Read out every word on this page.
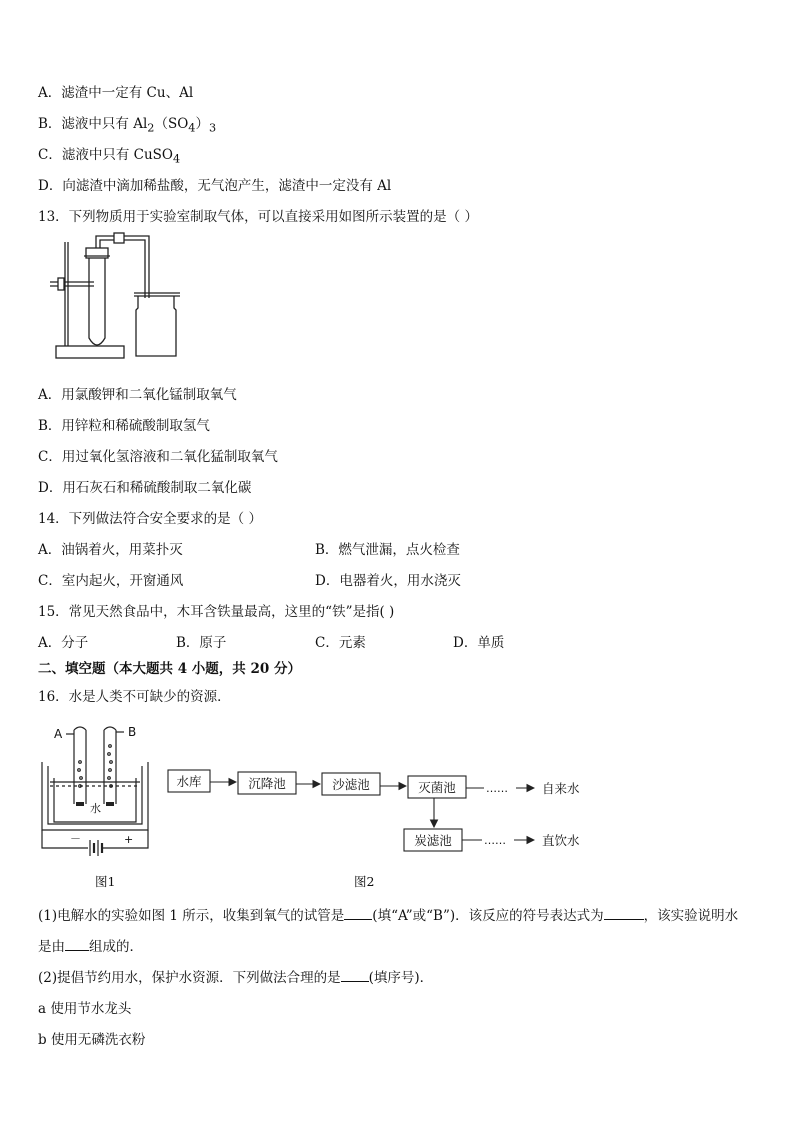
A．滤渣中一定有 Cu、Al
B．滤液中只有 $Al_2(SO_4)_3$
C．滤液中只有 CuSO$_4$
D．向滤渣中滴加稀盐酸，无气泡产生，滤渣中一定没有 Al
13．下列物质用于实验室制取气体，可以直接采用如图所示装置的是（ ）
A．用氯酸钾和二氧化锰制取氧气
B．用锌粒和稀硫酸制取氢气
C．用过氧化氢溶液和二氧化猛制取氧气
D．用石灰石和稀硫酸制取二氧化碳
14．下列做法符合安全要求的是（ ）
A．油锅着火，用菜扑灭	B．燃气泄漏，点火检查
C．室内起火，开窗通风	D．电器着火，用水浇灭
15．常见天然食品中，木耳含铁量最高，这里的“铁”是指( )
A．分子	B．原子	C．元素	D．单质
二、填空题（本大题共 4 小题，共 20 分）
16．水是人类不可缺少的资源．
A	B
水
－	+
水库	沉降池	沙滤池	灭菌池
炭滤池
……
……
自来水
直饮水
图1	图2
(1)电解水的实验如图 1 所示，收集到氧气的试管是 (填“A”或“B”)．该反应的符号表达式为	，该实验说明水
是由 组成的．
(2)提倡节约用水，保护水资源．下列做法合理的是 (填序号)．
a 使用节水龙头
b 使用无磷洗衣粉
